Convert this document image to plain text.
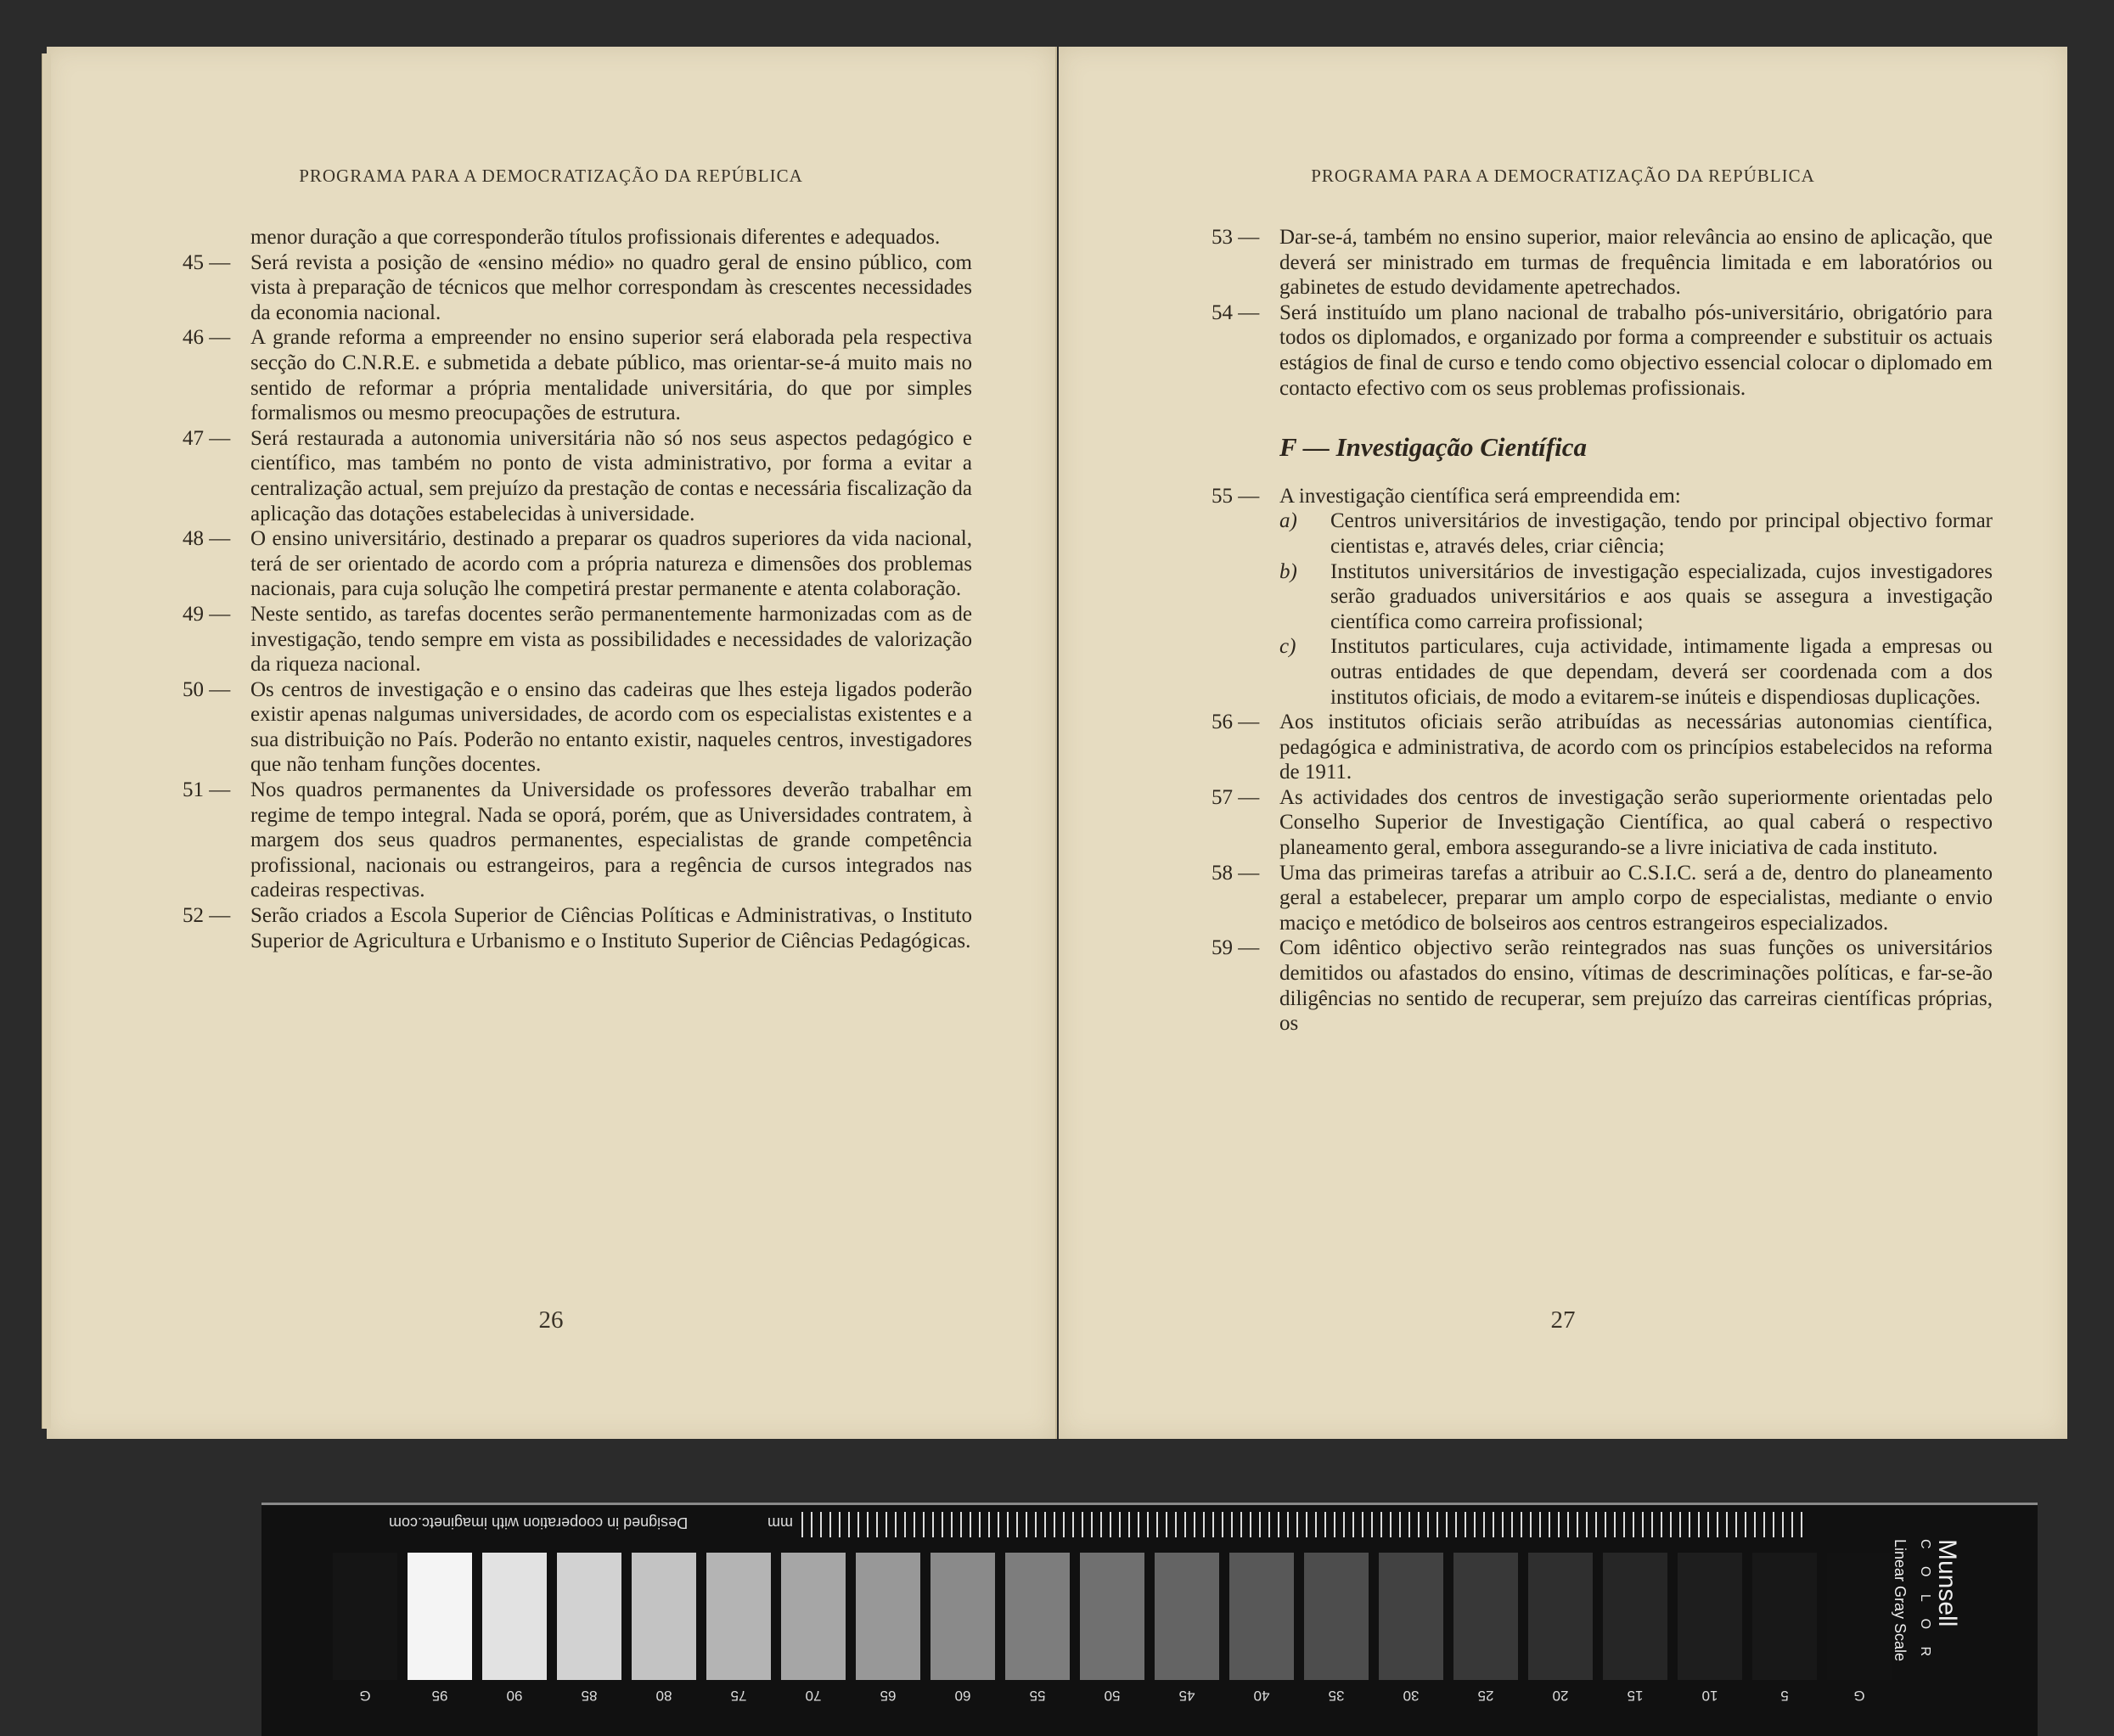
PROGRAMA PARA A DEMOCRATIZAÇÃO DA REPÚBLICA
menor duração a que corresponderão títulos profissionais diferentes e adequados.
45 — Será revista a posição de «ensino médio» no quadro geral de ensino público, com vista à preparação de técnicos que melhor correspondam às crescentes necessidades da economia nacional.
46 — A grande reforma a empreender no ensino superior será elaborada pela respectiva secção do C.N.R.E. e submetida a debate público, mas orientar-se-á muito mais no sentido de reformar a própria mentalidade universitária, do que por simples formalismos ou mesmo preocupações de estrutura.
47 — Será restaurada a autonomia universitária não só nos seus aspectos pedagógico e científico, mas também no ponto de vista administrativo, por forma a evitar a centralização actual, sem prejuízo da prestação de contas e necessária fiscalização da aplicação das dotações estabelecidas à universidade.
48 — O ensino universitário, destinado a preparar os quadros superiores da vida nacional, terá de ser orientado de acordo com a própria natureza e dimensões dos problemas nacionais, para cuja solução lhe competirá prestar permanente e atenta colaboração.
49 — Neste sentido, as tarefas docentes serão permanentemente harmonizadas com as de investigação, tendo sempre em vista as possibilidades e necessidades de valorização da riqueza nacional.
50 — Os centros de investigação e o ensino das cadeiras que lhes esteja ligados poderão existir apenas nalgumas universidades, de acordo com os especialistas existentes e a sua distribuição no País. Poderão no entanto existir, naqueles centros, investigadores que não tenham funções docentes.
51 — Nos quadros permanentes da Universidade os professores deverão trabalhar em regime de tempo integral. Nada se oporá, porém, que as Universidades contratem, à margem dos seus quadros permanentes, especialistas de grande competência profissional, nacionais ou estrangeiros, para a regência de cursos integrados nas cadeiras respectivas.
52 — Serão criados a Escola Superior de Ciências Políticas e Administrativas, o Instituto Superior de Agricultura e Urbanismo e o Instituto Superior de Ciências Pedagógicas.
26
PROGRAMA PARA A DEMOCRATIZAÇÃO DA REPÚBLICA
53 — Dar-se-á, também no ensino superior, maior relevância ao ensino de aplicação, que deverá ser ministrado em turmas de frequência limitada e em laboratórios ou gabinetes de estudo devidamente apetrechados.
54 — Será instituído um plano nacional de trabalho pós-universitário, obrigatório para todos os diplomados, e organizado por forma a compreender e substituir os actuais estágios de final de curso e tendo como objectivo essencial colocar o diplomado em contacto efectivo com os seus problemas profissionais.
F — Investigação Científica
55 — A investigação científica será empreendida em:
a) Centros universitários de investigação, tendo por principal objectivo formar cientistas e, através deles, criar ciência;
b) Institutos universitários de investigação especializada, cujos investigadores serão graduados universitários e aos quais se assegura a investigação científica como carreira profissional;
c) Institutos particulares, cuja actividade, intimamente ligada a empresas ou outras entidades de que dependam, deverá ser coordenada com a dos institutos oficiais, de modo a evitarem-se inúteis e dispendiosas duplicações.
56 — Aos institutos oficiais serão atribuídas as necessárias autonomias científica, pedagógica e administrativa, de acordo com os princípios estabelecidos na reforma de 1911.
57 — As actividades dos centros de investigação serão superiormente orientadas pelo Conselho Superior de Investigação Científica, ao qual caberá o respectivo planeamento geral, embora assegurando-se a livre iniciativa de cada instituto.
58 — Uma das primeiras tarefas a atribuir ao C.S.I.C. será a de, dentro do planeamento geral a estabelecer, preparar um amplo corpo de especialistas, mediante o envio maciço e metódico de bolseiros aos centros estrangeiros especializados.
59 — Com idêntico objectivo serão reintegrados nas suas funções os universitários demitidos ou afastados do ensino, vítimas de descriminações políticas, e far-se-ão diligências no sentido de recuperar, sem prejuízo das carreiras científicas próprias, os
27
Designed in cooperation with imaginetc.com	mm
G	95	90	85	80	75	70	65	60	55	50	45	40	35	30	25	20	15	10	5	G
Munsell
C O L O R
Linear Gray Scale
